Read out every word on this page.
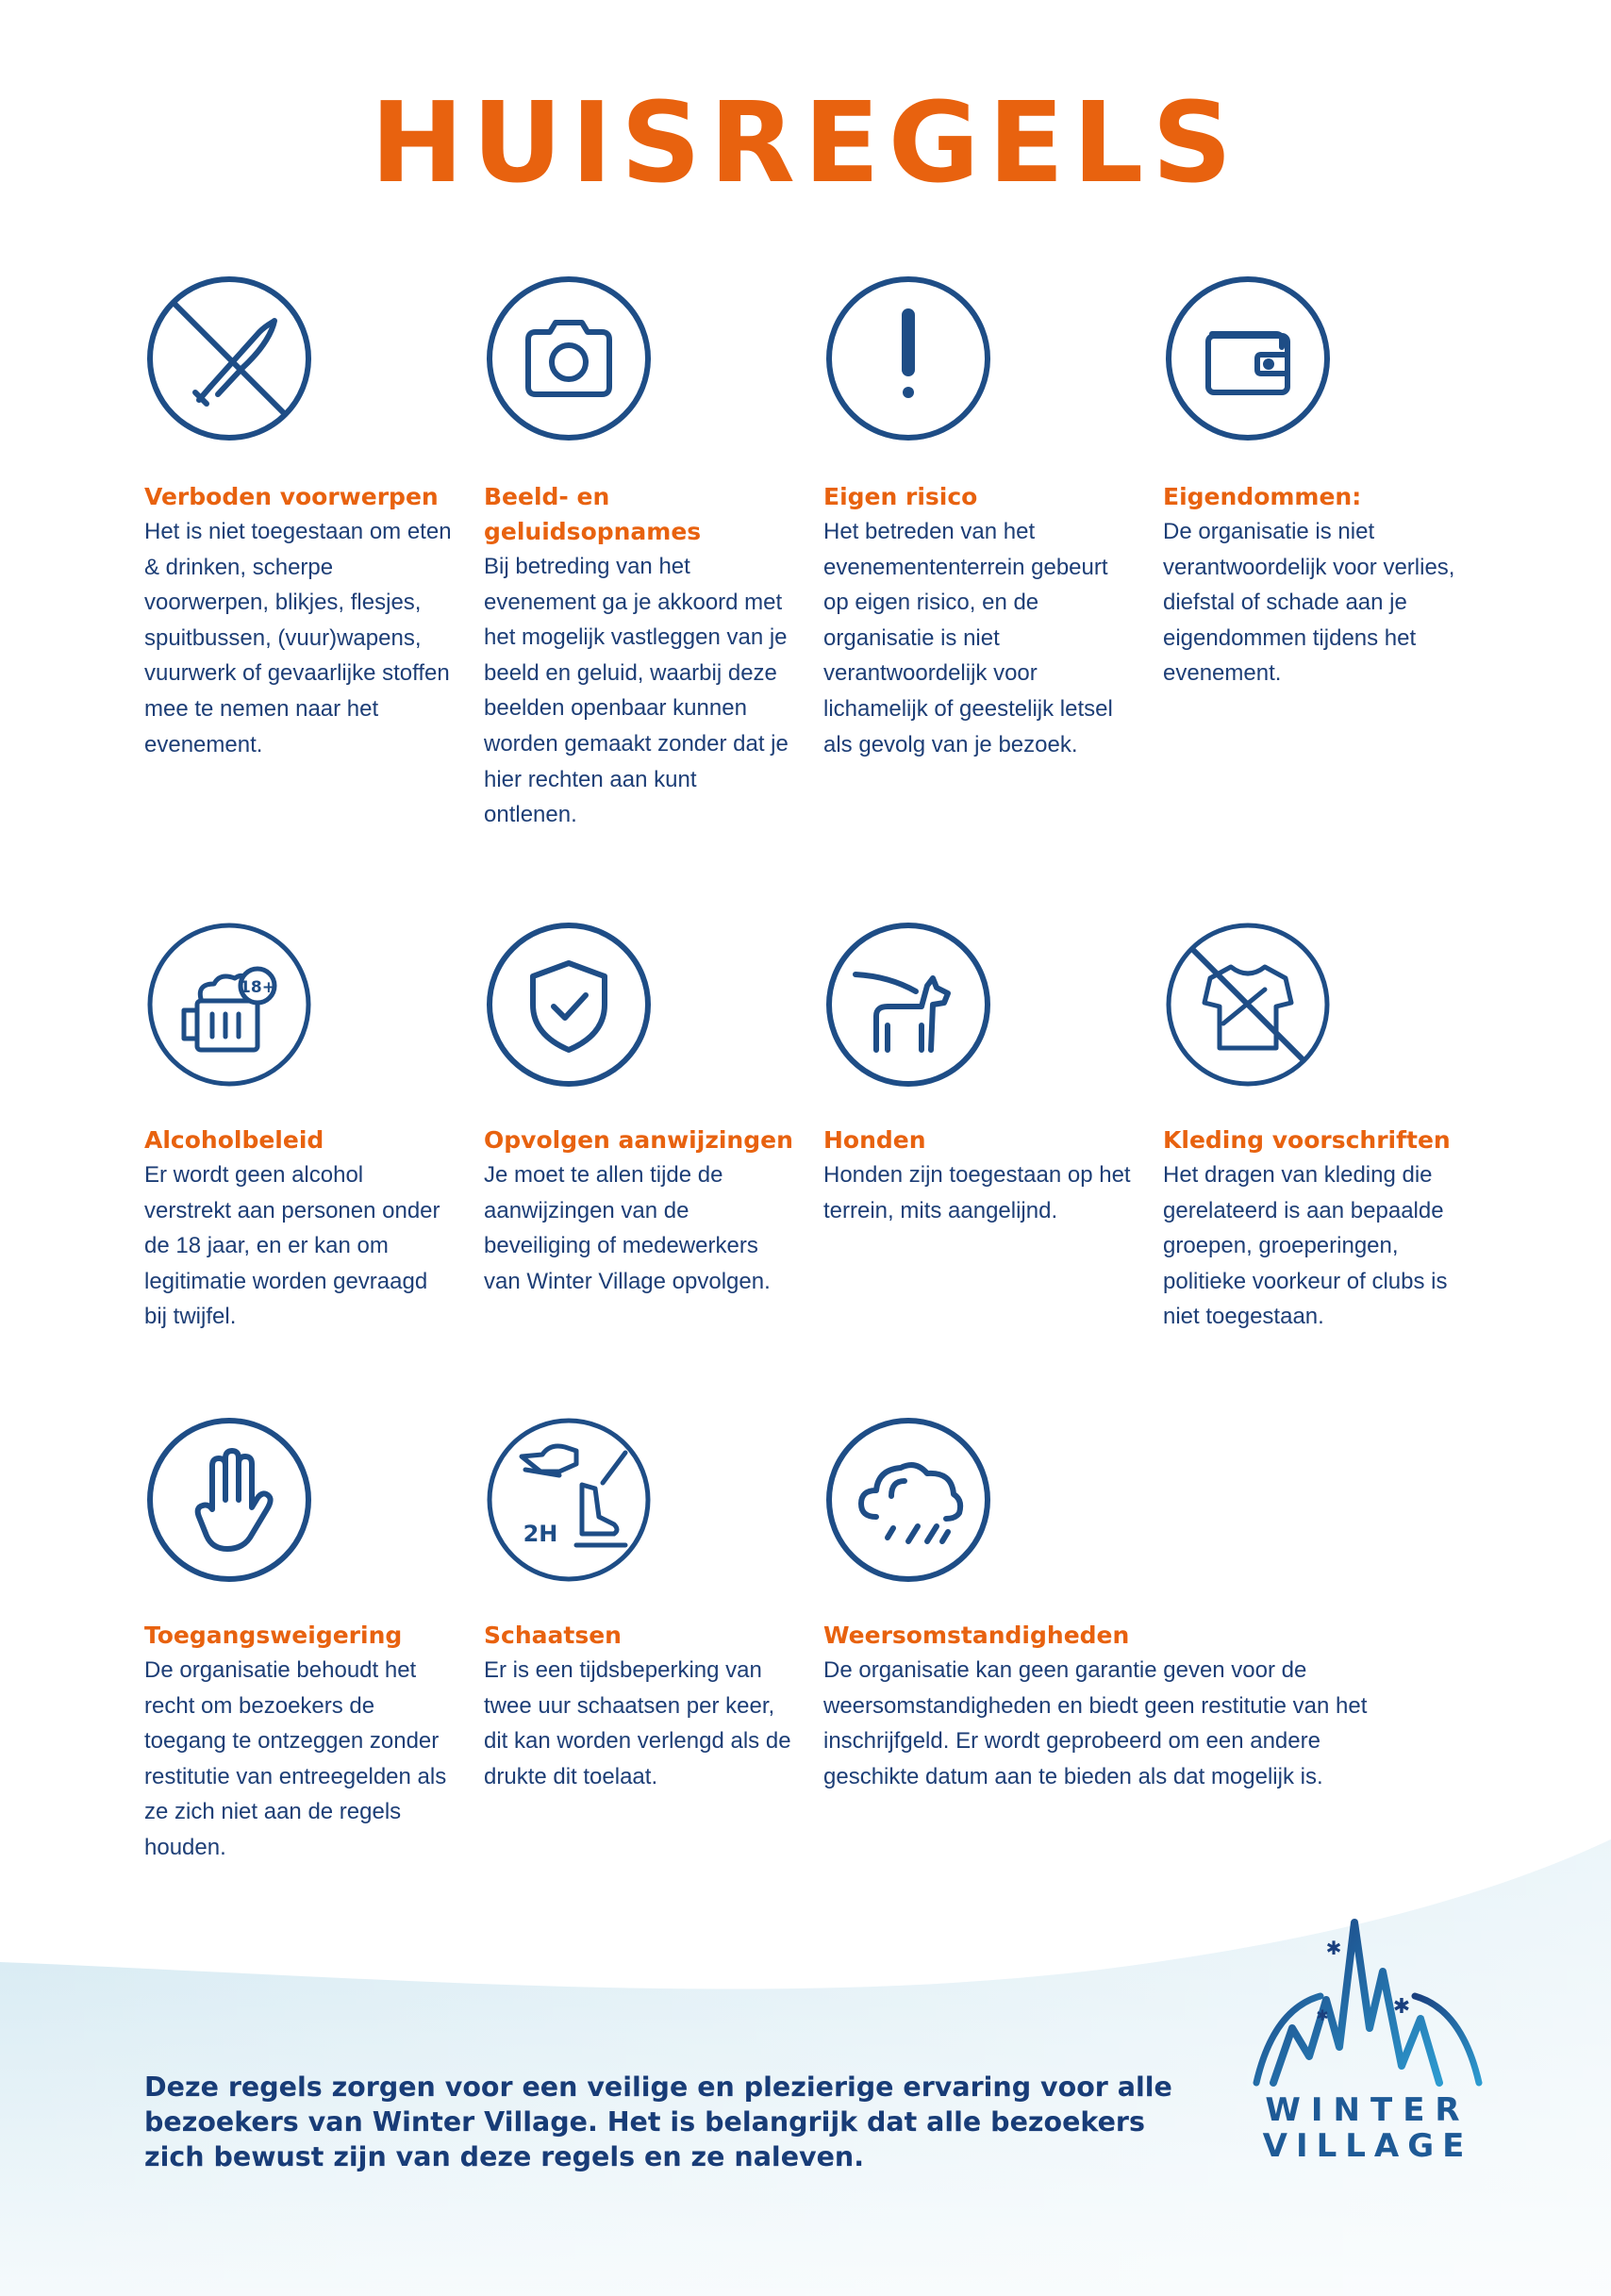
HUISREGELS
18+
2H
Verboden voorwerpen

Het is niet toegestaan om eten & drinken, scherpe voorwerpen, blikjes, flesjes, spuitbussen, (vuur)wapens, vuurwerk of gevaarlijke stoffen mee te nemen naar het evenement.

Beeld- en geluidsopnames

Bij betreding van het evenement ga je akkoord met het mogelijk vastleggen van je beeld en geluid, waarbij deze beelden openbaar kunnen worden gemaakt zonder dat je hier rechten aan kunt ontlenen.

Eigen risico

Het betreden van het evenemententerrein gebeurt op eigen risico, en de organisatie is niet verantwoordelijk voor lichamelijk of geestelijk letsel als gevolg van je bezoek.

Eigendommen:

De organisatie is niet verantwoordelijk voor verlies, diefstal of schade aan je eigendommen tijdens het evenement.

Alcoholbeleid

Er wordt geen alcohol verstrekt aan personen onder de 18 jaar, en er kan om legitimatie worden gevraagd bij twijfel.

Opvolgen aanwijzingen

Je moet te allen tijde de aanwijzingen van de beveiliging of medewerkers van Winter Village opvolgen.

Honden

Honden zijn toegestaan op het terrein, mits aangelijnd.

Kleding voorschriften

Het dragen van kleding die gerelateerd is aan bepaalde groepen, groeperingen, politieke voorkeur of clubs is niet toegestaan.

Toegangsweigering

De organisatie behoudt het recht om bezoekers de toegang te ontzeggen zonder restitutie van entreegelden als ze zich niet aan de regels houden.

Schaatsen

Er is een tijdsbeperking van twee uur schaatsen per keer, dit kan worden verlengd als de drukte dit toelaat.

Weersomstandigheden

De organisatie kan geen garantie geven voor de weersomstandigheden en biedt geen restitutie van het inschrijfgeld. Er wordt geprobeerd om een andere geschikte datum aan te bieden als dat mogelijk is.

Deze regels zorgen voor een veilige en plezierige ervaring voor alle bezoekers van Winter Village. Het is belangrijk dat alle bezoekers zich bewust zijn van deze regels en ze naleven.

✱
✱
✱
WINTER
VILLAGE
